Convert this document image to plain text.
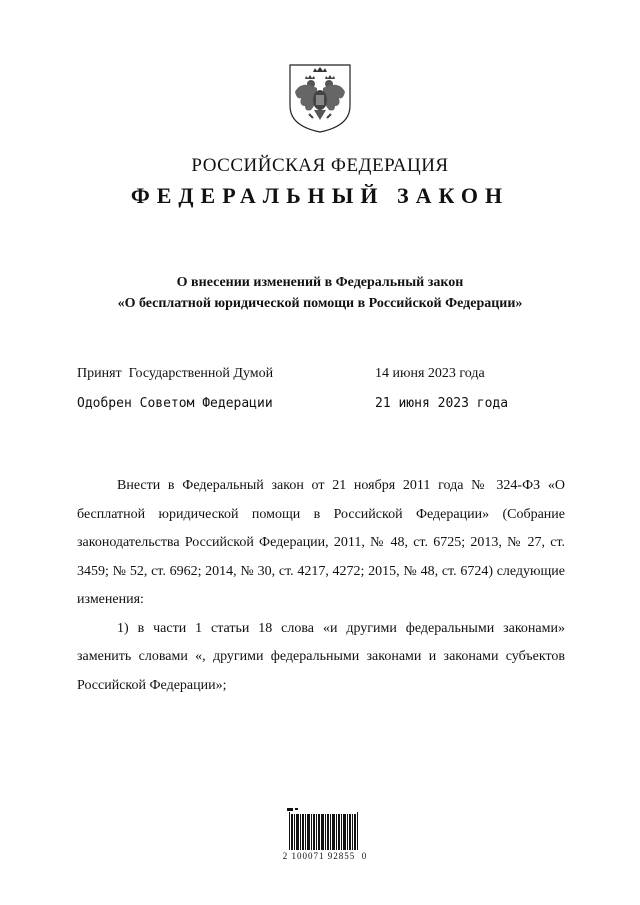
РОССИЙСКАЯ ФЕДЕРАЦИЯ
ФЕДЕРАЛЬНЫЙ ЗАКОН
О внесении изменений в Федеральный закон
«О бесплатной юридической помощи в Российской Федерации»
Принят  Государственной Думой	14 июня 2023 года
Одобрен Советом Федерации	21 июня 2023 года

Внести в Федеральный закон от 21 ноября 2011 года № 324-ФЗ «О бесплатной юридической помощи в Российской Федерации» (Собрание законодательства Российской Федерации, 2011, № 48, ст. 6725; 2013, № 27, ст. 3459; № 52, ст. 6962; 2014, № 30, ст. 4217, 4272; 2015, № 48, ст. 6724) следующие изменения:

1) в части 1 статьи 18 слова «и другими федеральными законами» заменить словами «, другими федеральными законами и законами субъектов Российской Федерации»;

2 100071 92855  0
